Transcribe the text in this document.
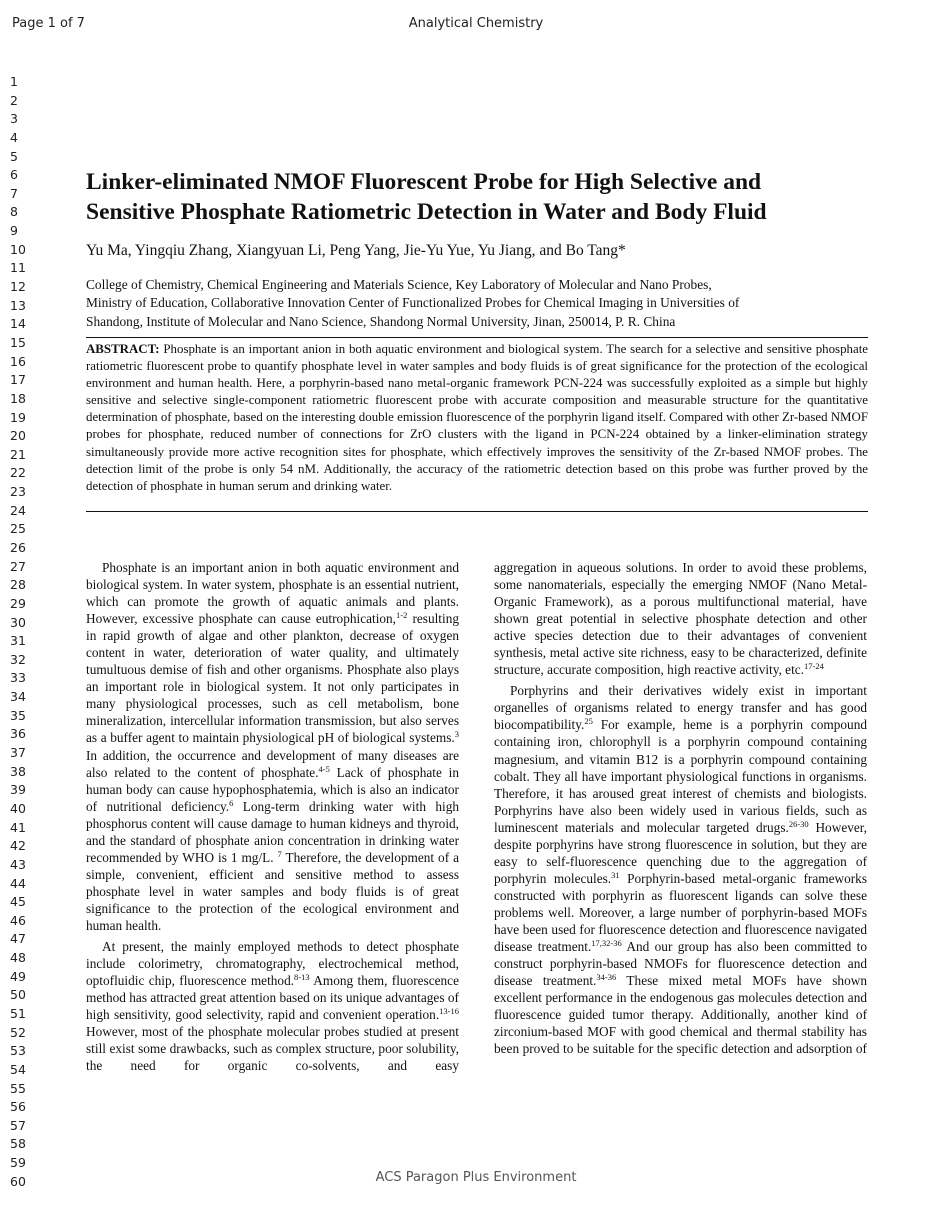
Page 1 of 7	Analytical Chemistry
1
2
3
4
5
6
7
8
9
10
11
12
13
14
15
16
17
18
19
20
21
22
23
24
25
26
27
28
29
30
31
32
33
34
35
36
37
38
39
40
41
42
43
44
45
46
47
48
49
50
51
52
53
54
55
56
57
58
59
60
Linker-eliminated NMOF Fluorescent Probe for High Selective and
Sensitive Phosphate Ratiometric Detection in Water and Body Fluid
Yu Ma, Yingqiu Zhang, Xiangyuan Li, Peng Yang, Jie-Yu Yue, Yu Jiang, and Bo Tang*
College of Chemistry, Chemical Engineering and Materials Science, Key Laboratory of Molecular and Nano Probes,
Ministry of Education, Collaborative Innovation Center of Functionalized Probes for Chemical Imaging in Universities of
Shandong, Institute of Molecular and Nano Science, Shandong Normal University, Jinan, 250014, P. R. China
ABSTRACT: Phosphate is an important anion in both aquatic environment and biological system. The search for a selective and sensitive phosphate ratiometric fluorescent probe to quantify phosphate level in water samples and body fluids is of great significance for the protection of the ecological environment and human health. Here, a porphyrin-based nano metal-organic framework PCN-224 was successfully exploited as a simple but highly sensitive and selective single-component ratiometric fluorescent probe with accurate composition and measurable structure for the quantitative determination of phosphate, based on the interesting double emission fluorescence of the porphyrin ligand itself. Compared with other Zr-based NMOF probes for phosphate, reduced number of connections for ZrO clusters with the ligand in PCN-224 obtained by a linker-elimination strategy simultaneously provide more active recognition sites for phosphate, which effectively improves the sensitivity of the Zr-based NMOF probes. The detection limit of the probe is only 54 nM. Additionally, the accuracy of the ratiometric detection based on this probe was further proved by the detection of phosphate in human serum and drinking water.

Phosphate is an important anion in both aquatic environment and biological system. In water system, phosphate is an essential nutrient, which can promote the growth of aquatic animals and plants. However, excessive phosphate can cause eutrophication,$^{1-2}$ resulting in rapid growth of algae and other plankton, decrease of oxygen content in water, deterioration of water quality, and ultimately tumultuous demise of fish and other organisms. Phosphate also plays an important role in biological system. It not only participates in many physiological processes, such as cell metabolism, bone mineralization, intercellular information transmission, but also serves as a buffer agent to maintain physiological pH of biological systems.$^3$ In addition, the occurrence and development of many diseases are also related to the content of phosphate.$^{4-5}$ Lack of phosphate in human body can cause hypophosphatemia, which is also an indicator of nutritional deficiency.$^6$ Long-term drinking water with high phosphorus content will cause damage to human kidneys and thyroid, and the standard of phosphate anion concentration in drinking water recommended by WHO is 1 mg/L. $^7$ Therefore, the development of a simple, convenient, efficient and sensitive method to assess phosphate level in water samples and body fluids is of great significance to the protection of the ecological environment and human health.

At present, the mainly employed methods to detect phosphate include colorimetry, chromatography, electrochemical method, optofluidic chip, fluorescence method.$^{8-13}$ Among them, fluorescence method has attracted great attention based on its unique advantages of high sensitivity, good selectivity, rapid and convenient operation.$^{13-16}$ However, most of the phosphate molecular probes studied at present still exist some drawbacks, such as complex structure, poor solubility, the need for organic co-solvents, and easy

aggregation in aqueous solutions. In order to avoid these problems, some nanomaterials, especially the emerging NMOF (Nano Metal-Organic Framework), as a porous multifunctional material, have shown great potential in selective phosphate detection and other active species detection due to their advantages of convenient synthesis, metal active site richness, easy to be characterized, definite structure, accurate composition, high reactive activity, etc.$^{17-24}$

Porphyrins and their derivatives widely exist in important organelles of organisms related to energy transfer and has good biocompatibility.$^{25}$ For example, heme is a porphyrin compound containing iron, chlorophyll is a porphyrin compound containing magnesium, and vitamin B12 is a porphyrin compound containing cobalt. They all have important physiological functions in organisms. Therefore, it has aroused great interest of chemists and biologists. Porphyrins have also been widely used in various fields, such as luminescent materials and molecular targeted drugs.$^{26-30}$ However, despite porphyrins have strong fluorescence in solution, but they are easy to self-fluorescence quenching due to the aggregation of porphyrin molecules.$^{31}$ Porphyrin-based metal-organic frameworks constructed with porphyrin as fluorescent ligands can solve these problems well. Moreover, a large number of porphyrin-based MOFs have been used for fluorescence detection and fluorescence navigated disease treatment.$^{17,32-36}$ And our group has also been committed to construct porphyrin-based NMOFs for fluorescence detection and disease treatment.$^{34-36}$ These mixed metal MOFs have shown excellent performance in the endogenous gas molecules detection and fluorescence guided tumor therapy. Additionally, another kind of zirconium-based MOF with good chemical and thermal stability has been proved to be suitable for the specific detection and adsorption of

ACS Paragon Plus Environment
